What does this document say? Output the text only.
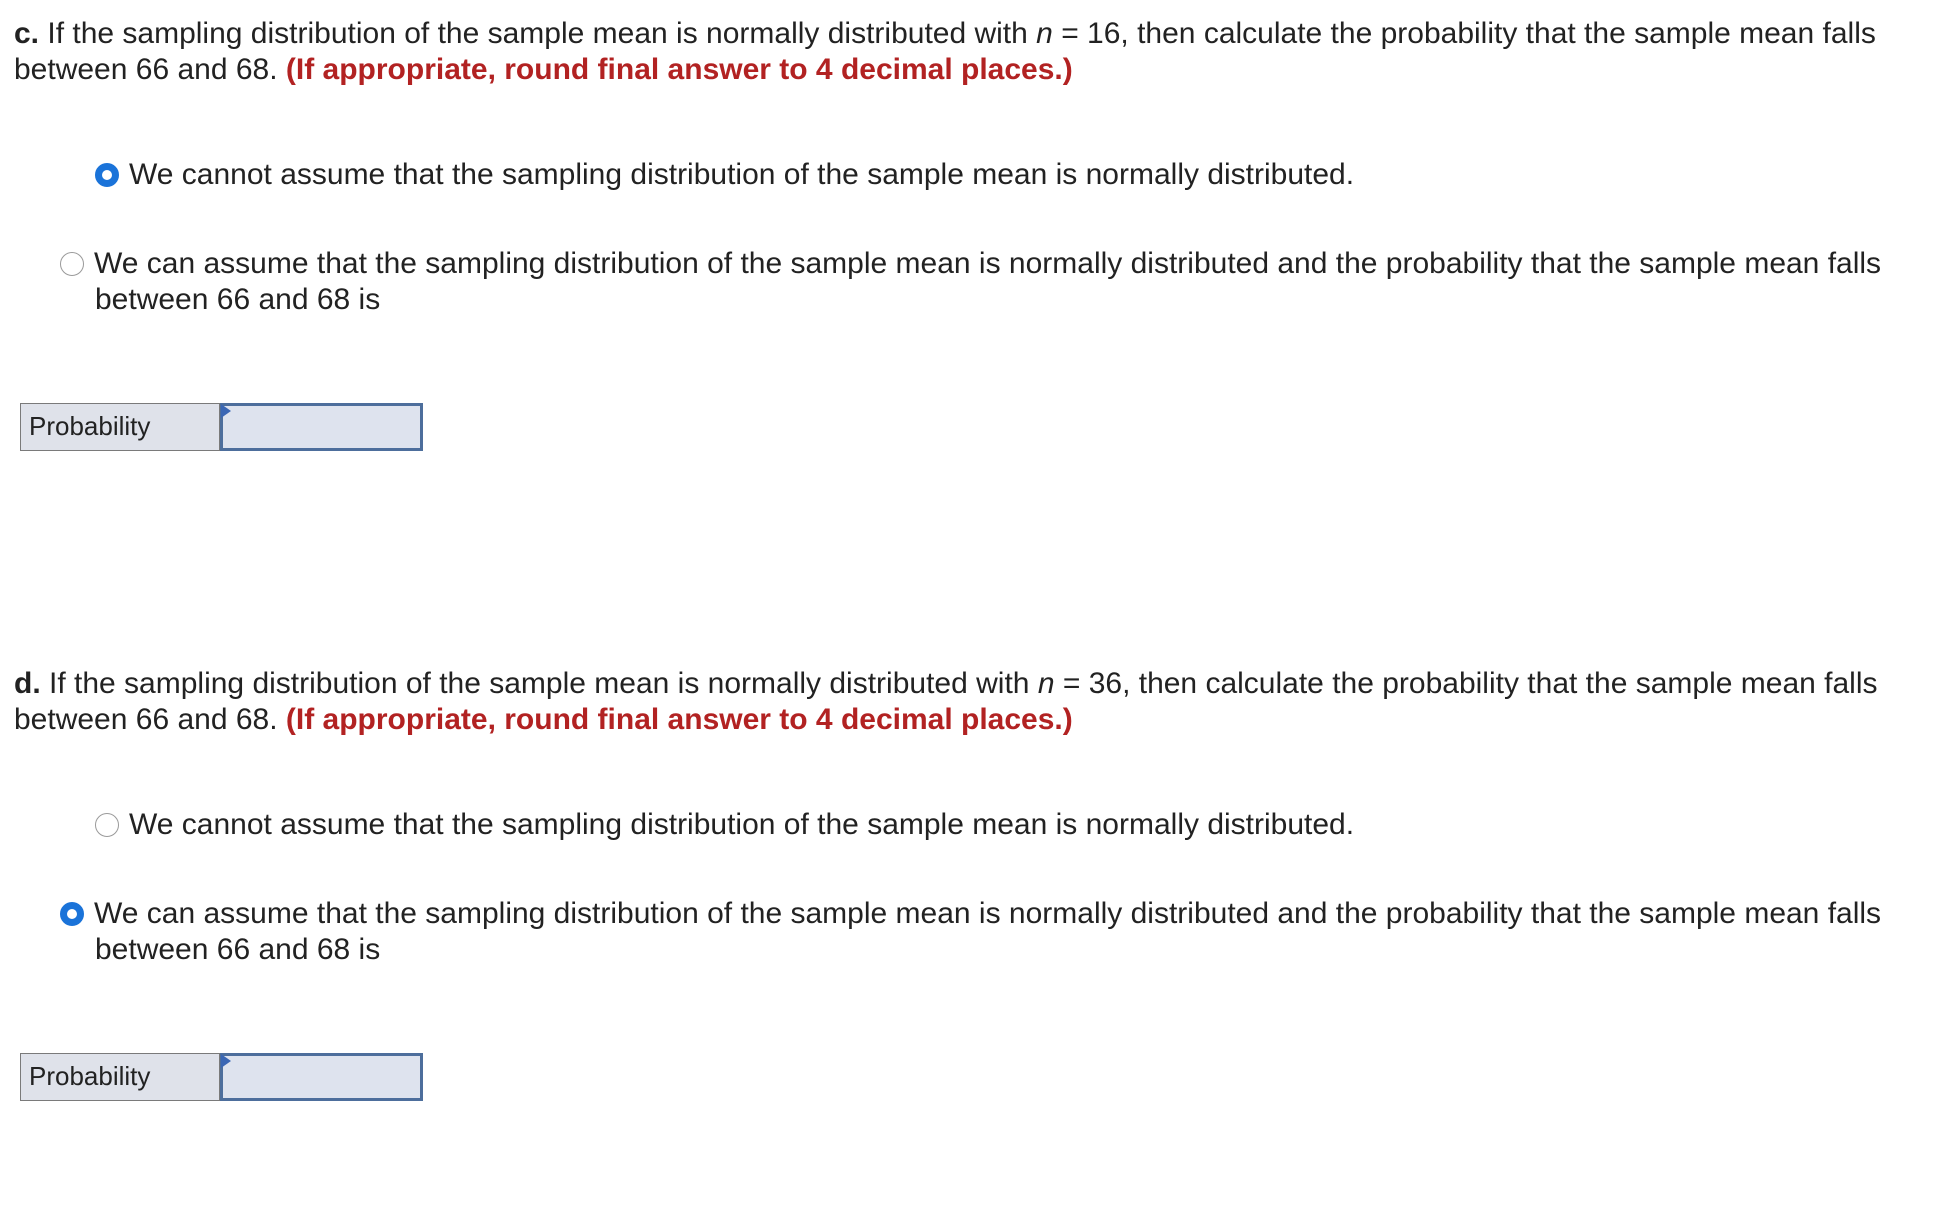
c. If the sampling distribution of the sample mean is normally distributed with n = 16, then calculate the probability that the sample mean falls between 66 and 68. (If appropriate, round final answer to 4 decimal places.)

We cannot assume that the sampling distribution of the sample mean is normally distributed.
We can assume that the sampling distribution of the sample mean is normally distributed and the probability that the sample mean falls between 66 and 68 is
Probability

d. If the sampling distribution of the sample mean is normally distributed with n = 36, then calculate the probability that the sample mean falls between 66 and 68. (If appropriate, round final answer to 4 decimal places.)

We cannot assume that the sampling distribution of the sample mean is normally distributed.
We can assume that the sampling distribution of the sample mean is normally distributed and the probability that the sample mean falls between 66 and 68 is
Probability
